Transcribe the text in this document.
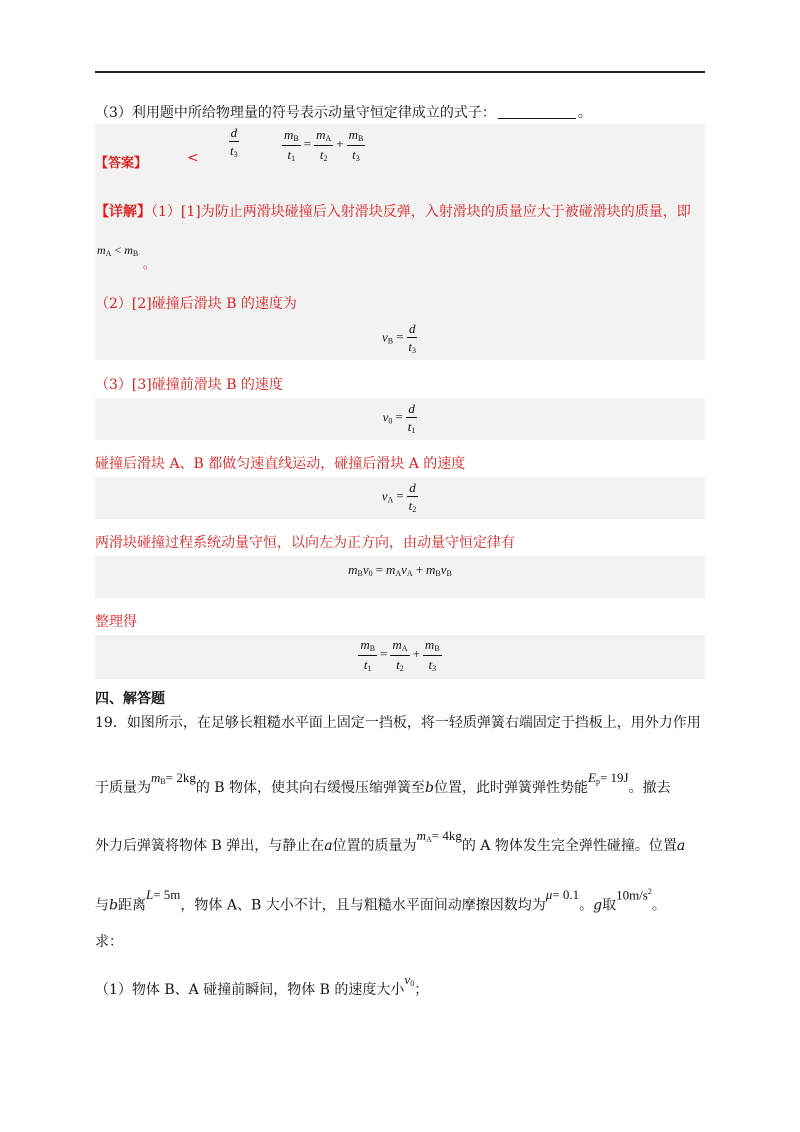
（3）利用题中所给物理量的符号表示动量守恒定律成立的式子：	。
【答案】	< $\frac{d}{t_3}$	$\frac{m_B}{t_1} = \frac{m_A}{t_2} + \frac{m_B}{t_3}$
【详解】（1）[1]为防止两滑块碰撞后入射滑块反弹，入射滑块的质量应大于被碰滑块的质量，即
$m_A < m_B$
。
（2）[2]碰撞后滑块 B 的速度为
$v_B = \frac{d}{t_3}$
（3）[3]碰撞前滑块 B 的速度
$v_0 = \frac{d}{t_1}$
碰撞后滑块 A、B 都做匀速直线运动，碰撞后滑块 A 的速度
$v_A = \frac{d}{t_2}$
两滑块碰撞过程系统动量守恒，以向左为正方向，由动量守恒定律有
$m_Bv_0 = m_Av_A + m_Bv_B$
整理得
$\frac{m_B}{t_1} = \frac{m_A}{t_2} + \frac{m_B}{t_3}$
四、解答题
19．如图所示，在足够长粗糙水平面上固定一挡板，将一轻质弹簧右端固定于挡板上，用外力作用
于质量为$m_B= 2kg$的 B 物体，使其向右缓慢压缩弹簧至b位置，此时弹簧弹性势能$E_p= 19J$。撤去
外力后弹簧将物体 B 弹出，与静止在a位置的质量为$m_A= 4kg$的 A 物体发生完全弹性碰撞。位置a
与b距离L= 5m，物体 A、B 大小不计，且与粗糙水平面间动摩擦因数均为μ= 0.1。g取$10m/s^2$。
求：
（1）物体 B、A 碰撞前瞬间，物体 B 的速度大小$v_0$；
